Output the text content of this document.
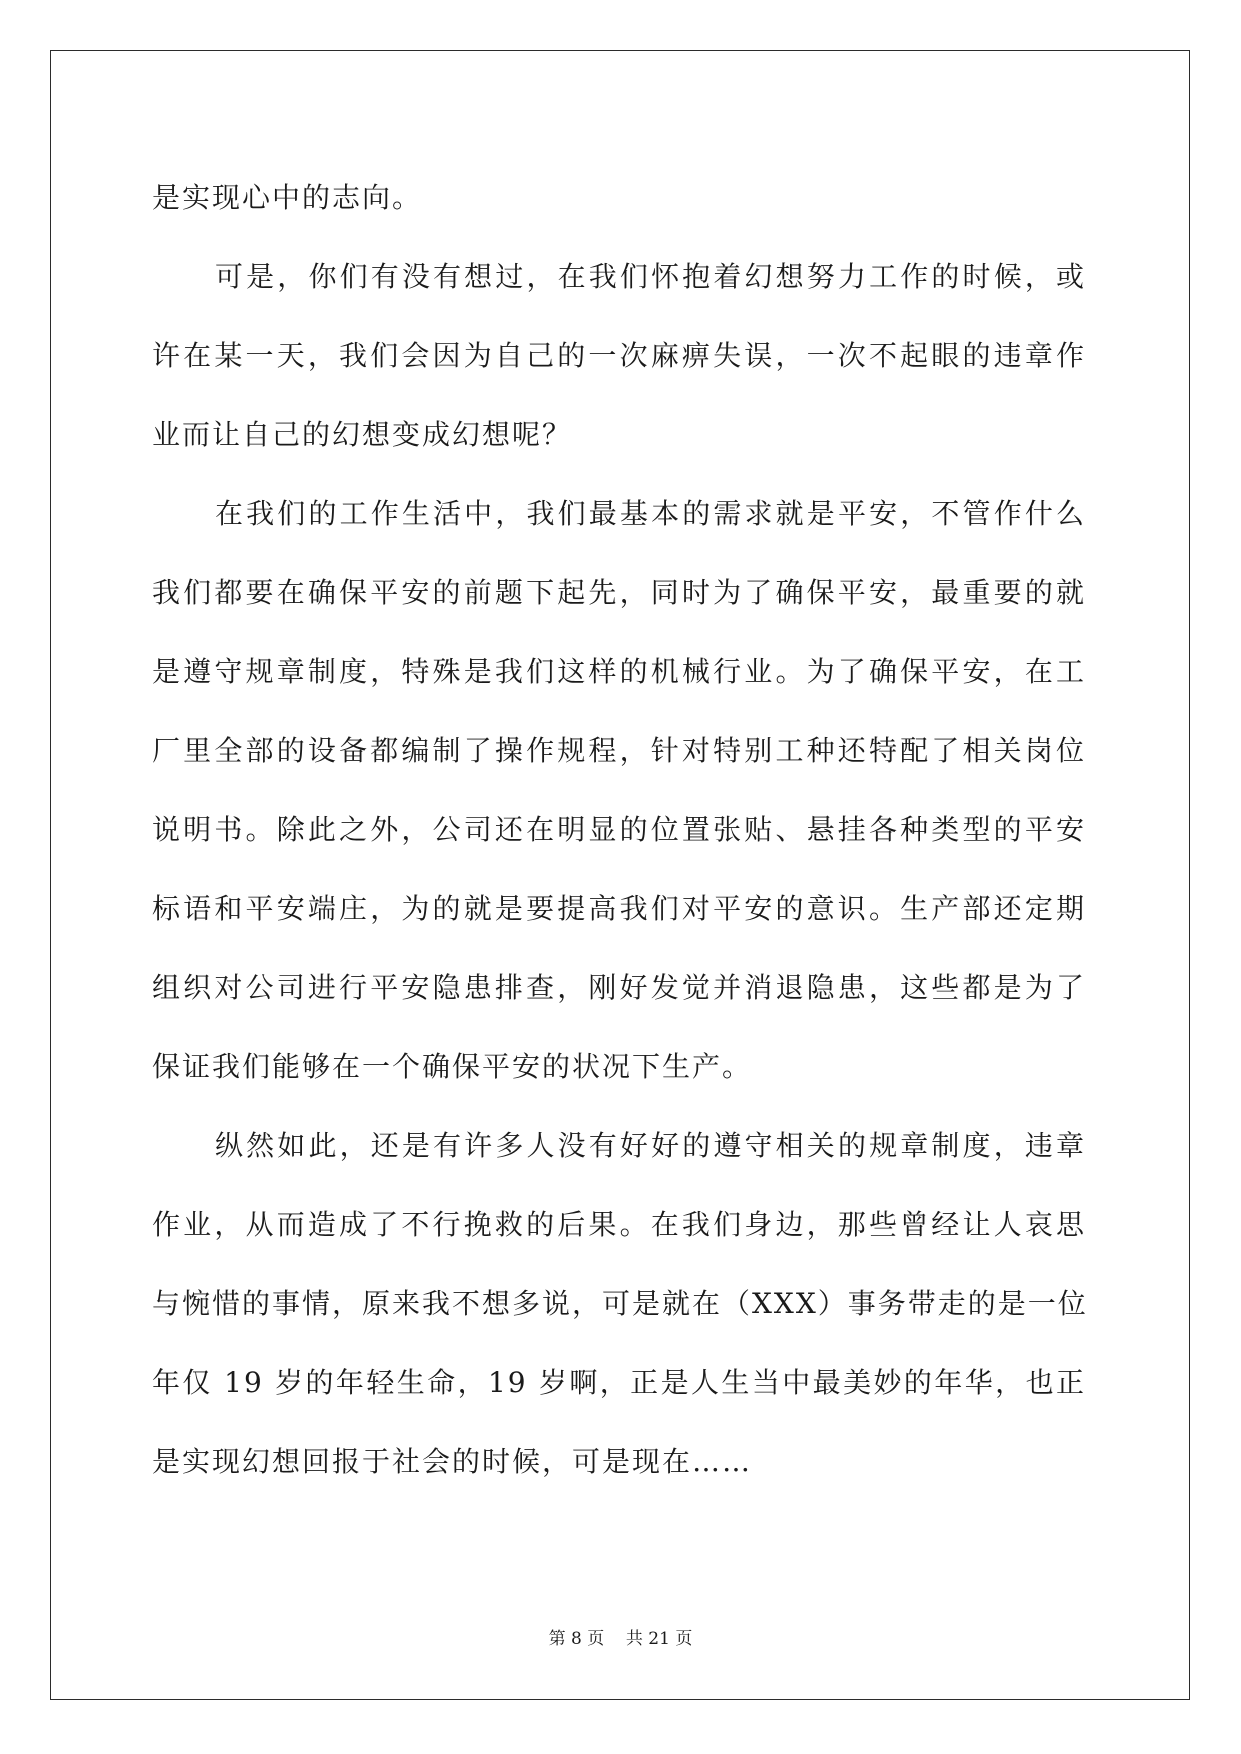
是实现心中的志向。
可是，你们有没有想过，在我们怀抱着幻想努力工作的时候，或
许在某一天，我们会因为自己的一次麻痹失误，一次不起眼的违章作
业而让自己的幻想变成幻想呢？
在我们的工作生活中，我们最基本的需求就是平安，不管作什么
我们都要在确保平安的前题下起先，同时为了确保平安，最重要的就
是遵守规章制度，特殊是我们这样的机械行业。为了确保平安，在工
厂里全部的设备都编制了操作规程，针对特别工种还特配了相关岗位
说明书。除此之外，公司还在明显的位置张贴、悬挂各种类型的平安
标语和平安端庄，为的就是要提高我们对平安的意识。生产部还定期
组织对公司进行平安隐患排查，刚好发觉并消退隐患，这些都是为了
保证我们能够在一个确保平安的状况下生产。
纵然如此，还是有许多人没有好好的遵守相关的规章制度，违章
作业，从而造成了不行挽救的后果。在我们身边，那些曾经让人哀思
与惋惜的事情，原来我不想多说，可是就在（XXX）事务带走的是一位
年仅 19 岁的年轻生命，19 岁啊，正是人生当中最美妙的年华，也正
是实现幻想回报于社会的时候，可是现在……
第 8 页    共 21 页
